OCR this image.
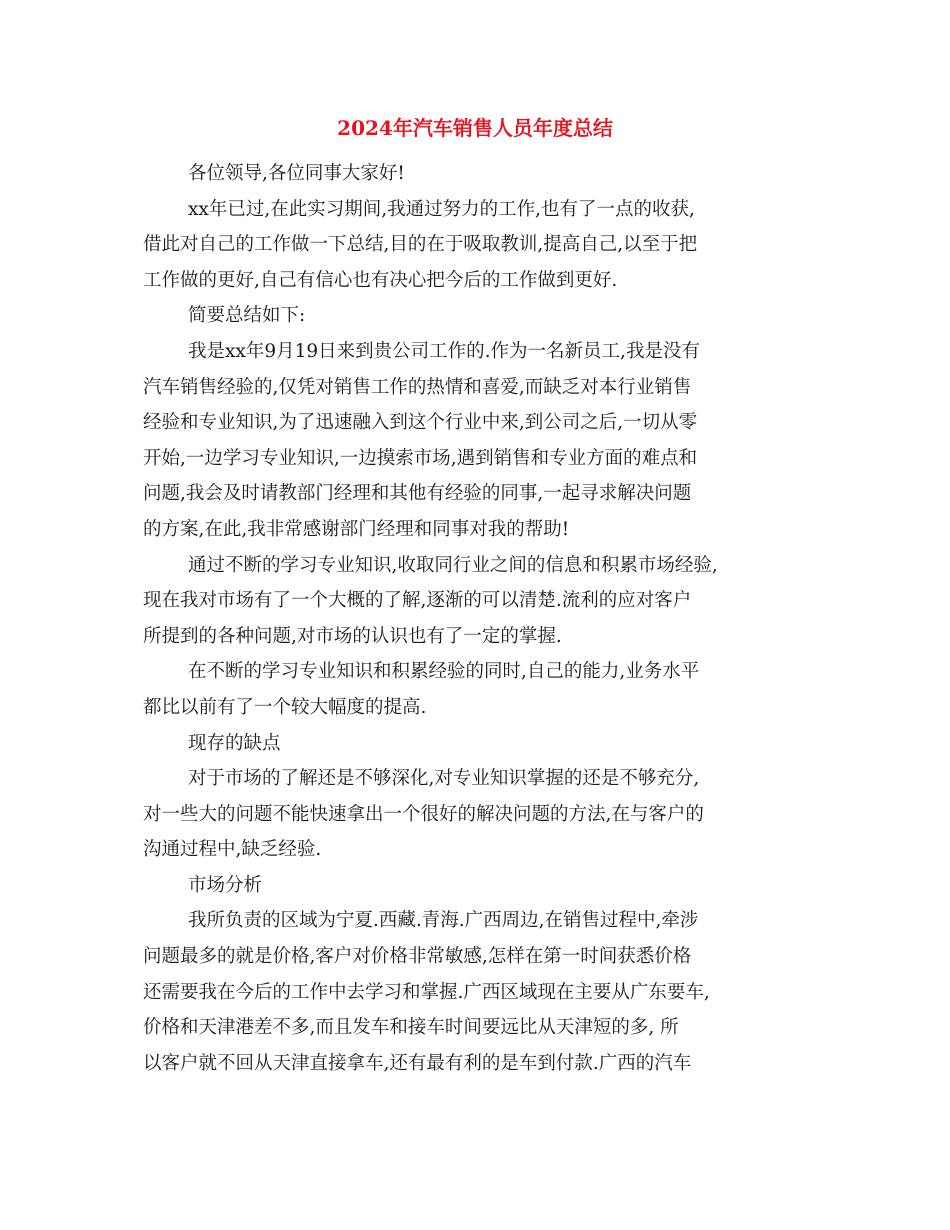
2024年汽车销售人员年度总结
各位领导,各位同事大家好!
xx年已过,在此实习期间,我通过努力的工作,也有了一点的收获,
借此对自己的工作做一下总结,目的在于吸取教训,提高自己,以至于把
工作做的更好,自己有信心也有决心把今后的工作做到更好.
简要总结如下:
我是xx年9月19日来到贵公司工作的.作为一名新员工,我是没有
汽车销售经验的,仅凭对销售工作的热情和喜爱,而缺乏对本行业销售
经验和专业知识,为了迅速融入到这个行业中来,到公司之后,一切从零
开始,一边学习专业知识,一边摸索市场,遇到销售和专业方面的难点和
问题,我会及时请教部门经理和其他有经验的同事,一起寻求解决问题
的方案,在此,我非常感谢部门经理和同事对我的帮助!
通过不断的学习专业知识,收取同行业之间的信息和积累市场经验,
现在我对市场有了一个大概的了解,逐渐的可以清楚.流利的应对客户
所提到的各种问题,对市场的认识也有了一定的掌握.
在不断的学习专业知识和积累经验的同时,自己的能力,业务水平
都比以前有了一个较大幅度的提高.
现存的缺点
对于市场的了解还是不够深化,对专业知识掌握的还是不够充分,
对一些大的问题不能快速拿出一个很好的解决问题的方法,在与客户的
沟通过程中,缺乏经验.
市场分析
我所负责的区域为宁夏.西藏.青海.广西周边,在销售过程中,牵涉
问题最多的就是价格,客户对价格非常敏感,怎样在第一时间获悉价格
还需要我在今后的工作中去学习和掌握.广西区域现在主要从广东要车,
价格和天津港差不多,而且发车和接车时间要远比从天津短的多, 所
以客户就不回从天津直接拿车,还有最有利的是车到付款.广西的汽车
